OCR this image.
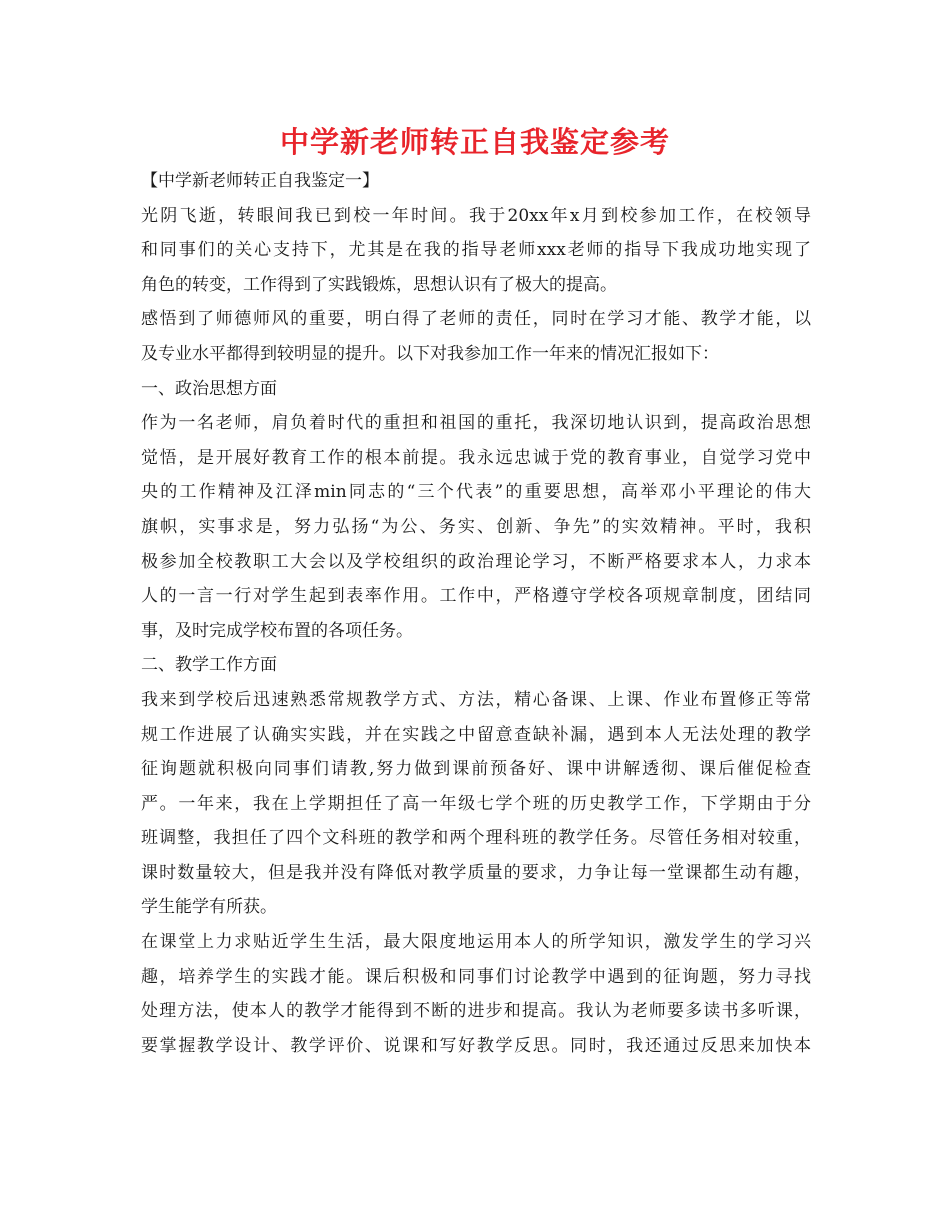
中学新老师转正自我鉴定参考
【中学新老师转正自我鉴定一】
光阴飞逝，转眼间我已到校一年时间。我于20xx年x月到校参加工作，在校领导
和同事们的关心支持下，尤其是在我的指导老师xxx老师的指导下我成功地实现了
角色的转变，工作得到了实践锻炼，思想认识有了极大的提高。
感悟到了师德师风的重要，明白得了老师的责任，同时在学习才能、教学才能，以
及专业水平都得到较明显的提升。以下对我参加工作一年来的情况汇报如下：
一、政治思想方面
作为一名老师，肩负着时代的重担和祖国的重托，我深切地认识到，提高政治思想
觉悟，是开展好教育工作的根本前提。我永远忠诚于党的教育事业，自觉学习党中
央的工作精神及江泽min同志的“三个代表”的重要思想，高举邓小平理论的伟大
旗帜，实事求是，努力弘扬“为公、务实、创新、争先”的实效精神。平时，我积
极参加全校教职工大会以及学校组织的政治理论学习，不断严格要求本人，力求本
人的一言一行对学生起到表率作用。工作中，严格遵守学校各项规章制度，团结同
事，及时完成学校布置的各项任务。
二、教学工作方面
我来到学校后迅速熟悉常规教学方式、方法，精心备课、上课、作业布置修正等常
规工作进展了认确实实践，并在实践之中留意查缺补漏，遇到本人无法处理的教学
征询题就积极向同事们请教,努力做到课前预备好、课中讲解透彻、课后催促检查
严。一年来，我在上学期担任了高一年级七学个班的历史教学工作，下学期由于分
班调整，我担任了四个文科班的教学和两个理科班的教学任务。尽管任务相对较重，
课时数量较大，但是我并没有降低对教学质量的要求，力争让每一堂课都生动有趣，
学生能学有所获。
在课堂上力求贴近学生生活，最大限度地运用本人的所学知识，激发学生的学习兴
趣，培养学生的实践才能。课后积极和同事们讨论教学中遇到的征询题，努力寻找
处理方法，使本人的教学才能得到不断的进步和提高。我认为老师要多读书多听课，
要掌握教学设计、教学评价、说课和写好教学反思。同时，我还通过反思来加快本
